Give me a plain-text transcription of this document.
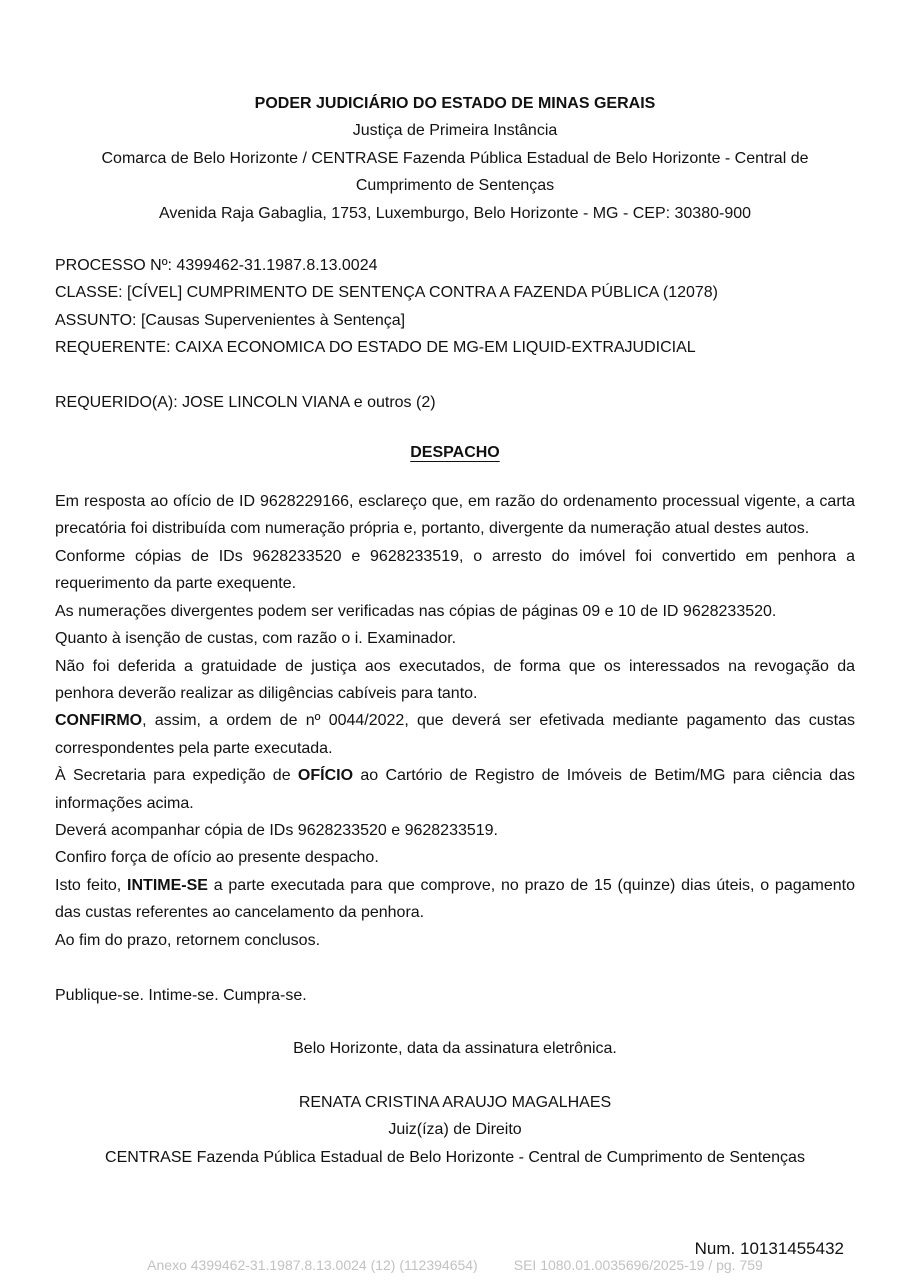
PODER JUDICIÁRIO DO ESTADO DE MINAS GERAIS

Justiça de Primeira Instância

Comarca de Belo Horizonte / CENTRASE Fazenda Pública Estadual de Belo Horizonte - Central de

Cumprimento de Sentenças

Avenida Raja Gabaglia, 1753, Luxemburgo, Belo Horizonte - MG - CEP: 30380-900

PROCESSO Nº: 4399462-31.1987.8.13.0024

CLASSE: [CÍVEL] CUMPRIMENTO DE SENTENÇA CONTRA A FAZENDA PÚBLICA (12078)

ASSUNTO: [Causas Supervenientes à Sentença]

REQUERENTE: CAIXA ECONOMICA DO ESTADO DE MG-EM LIQUID-EXTRAJUDICIAL

REQUERIDO(A): JOSE LINCOLN VIANA e outros (2)

DESPACHO

Em resposta ao ofício de ID 9628229166, esclareço que, em razão do ordenamento processual vigente, a carta precatória foi distribuída com numeração própria e, portanto, divergente da numeração atual destes autos.

Conforme cópias de IDs 9628233520 e 9628233519, o arresto do imóvel foi convertido em penhora a requerimento da parte exequente.

As numerações divergentes podem ser verificadas nas cópias de páginas 09 e 10 de ID 9628233520.

Quanto à isenção de custas, com razão o i. Examinador.

Não foi deferida a gratuidade de justiça aos executados, de forma que os interessados na revogação da penhora deverão realizar as diligências cabíveis para tanto.

CONFIRMO, assim, a ordem de nº 0044/2022, que deverá ser efetivada mediante pagamento das custas correspondentes pela parte executada.

À Secretaria para expedição de OFÍCIO ao Cartório de Registro de Imóveis de Betim/MG para ciência das informações acima.

Deverá acompanhar cópia de IDs 9628233520 e 9628233519.

Confiro força de ofício ao presente despacho.

Isto feito, INTIME-SE a parte executada para que comprove, no prazo de 15 (quinze) dias úteis, o pagamento das custas referentes ao cancelamento da penhora.

Ao fim do prazo, retornem conclusos.

Publique-se. Intime-se. Cumpra-se.

Belo Horizonte, data da assinatura eletrônica.

RENATA CRISTINA ARAUJO MAGALHAES

Juiz(íza) de Direito

CENTRASE Fazenda Pública Estadual de Belo Horizonte - Central de Cumprimento de Sentenças

Num. 10131455432
Anexo 4399462-31.1987.8.13.0024 (12) (112394654)	SEI 1080.01.0035696/2025-19 / pg. 759
